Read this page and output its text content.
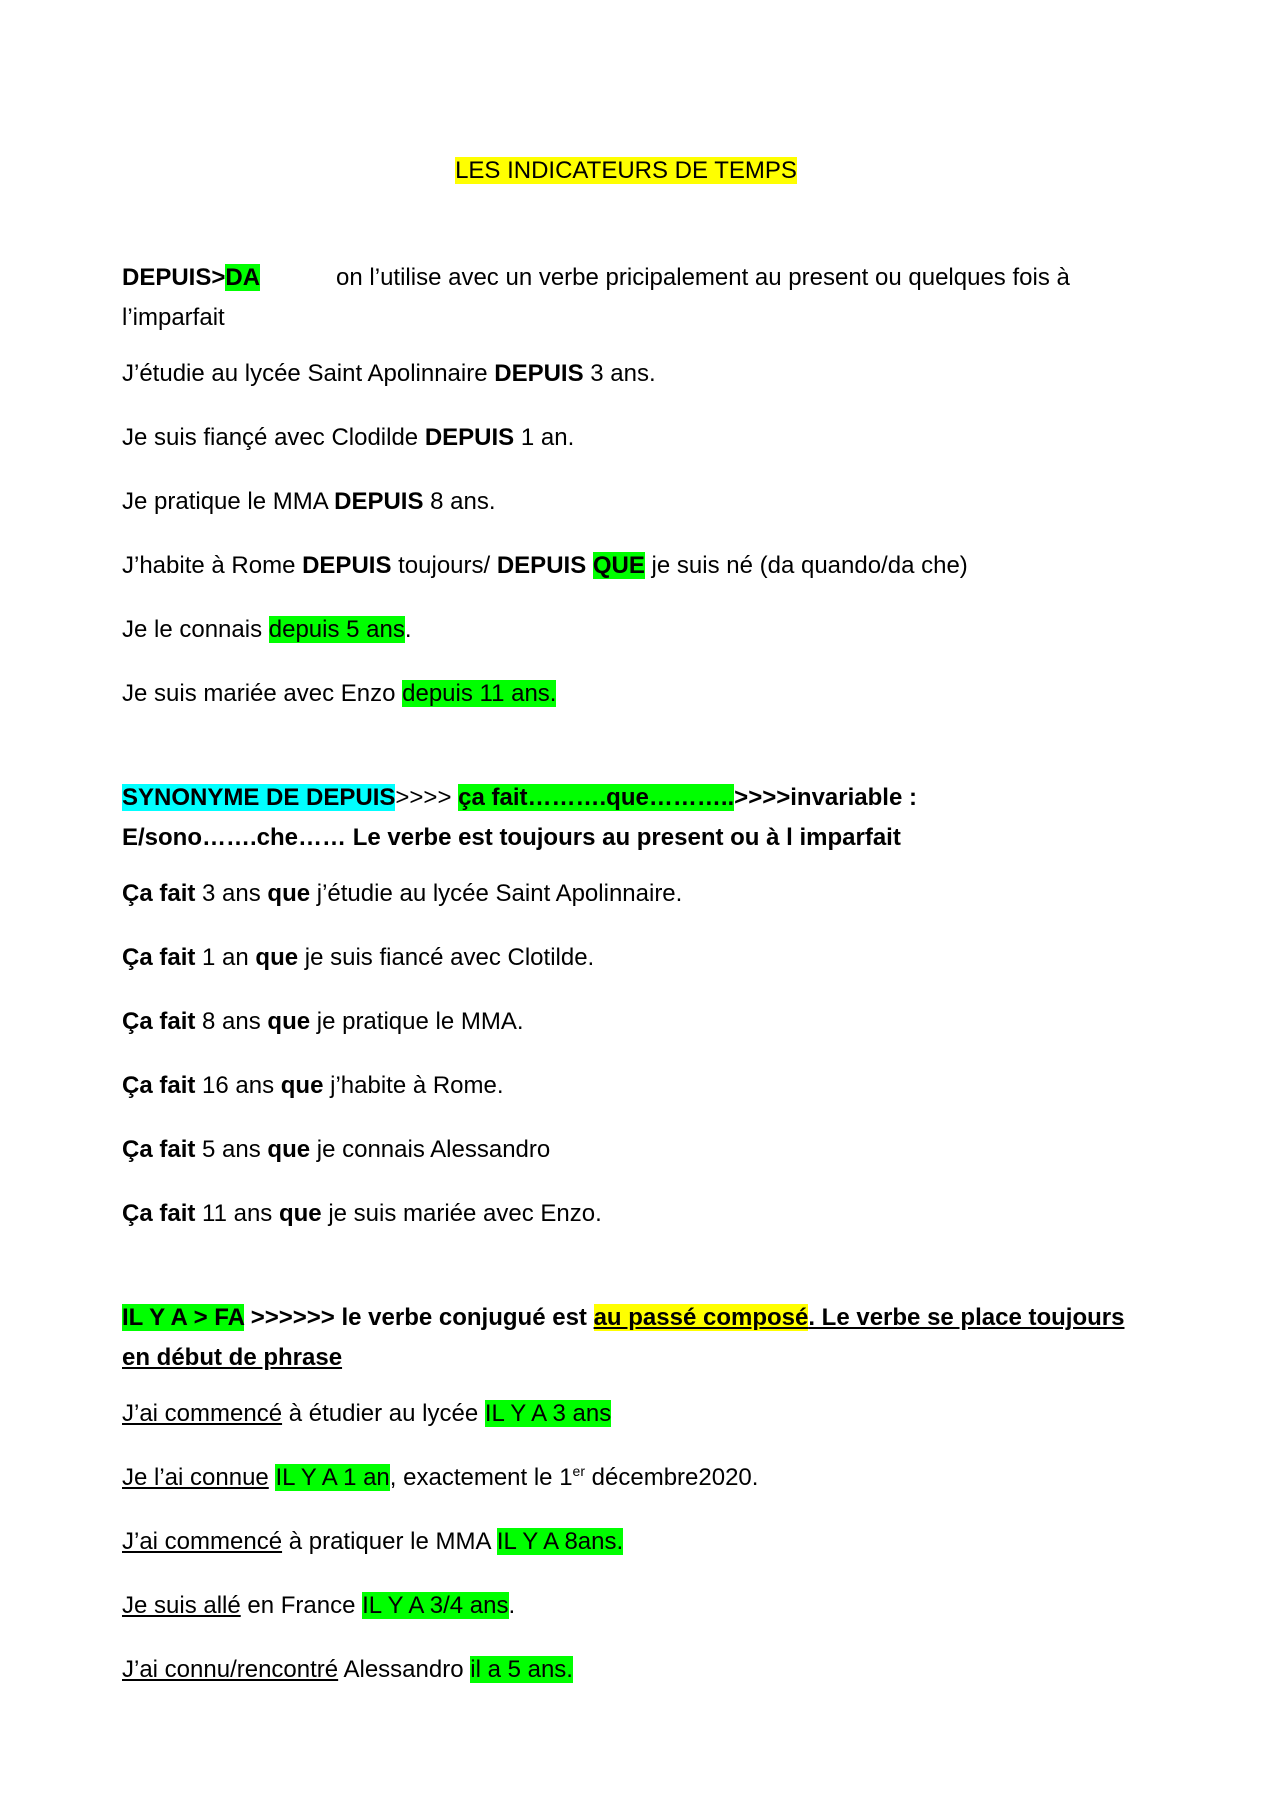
LES INDICATEURS DE TEMPS

DEPUIS>DA	on l’utilise avec un verbe pricipalement au present ou quelques fois à l’imparfait

J’étudie au lycée Saint Apolinnaire DEPUIS 3 ans.

Je suis fiançé avec Clodilde DEPUIS 1 an.

Je pratique le MMA DEPUIS 8 ans.

J’habite à Rome DEPUIS toujours/ DEPUIS QUE je suis né (da quando/da che)

Je le connais depuis 5 ans.

Je suis mariée avec Enzo depuis 11 ans.

SYNONYME DE DEPUIS>>>> ça fait……….que………..>>>>invariable : E/sono…….che…… Le verbe est toujours au present ou à l imparfait

Ça fait 3 ans que j’étudie au lycée Saint Apolinnaire.

Ça fait 1 an que je suis fiancé avec Clotilde.

Ça fait 8 ans que je pratique le MMA.

Ça fait 16 ans que j’habite à Rome.

Ça fait 5 ans que je connais Alessandro

Ça fait 11 ans que je suis mariée avec Enzo.

IL Y A > FA >>>>>> le verbe conjugué est au passé composé. Le verbe se place toujours en début de phrase

J’ai commencé à étudier au lycée IL Y A 3 ans

Je l’ai connue IL Y A 1 an, exactement le 1er décembre2020.

J’ai commencé à pratiquer le MMA IL Y A 8ans.

Je suis allé en France IL Y A 3/4 ans.

J’ai connu/rencontré Alessandro il a 5 ans.
